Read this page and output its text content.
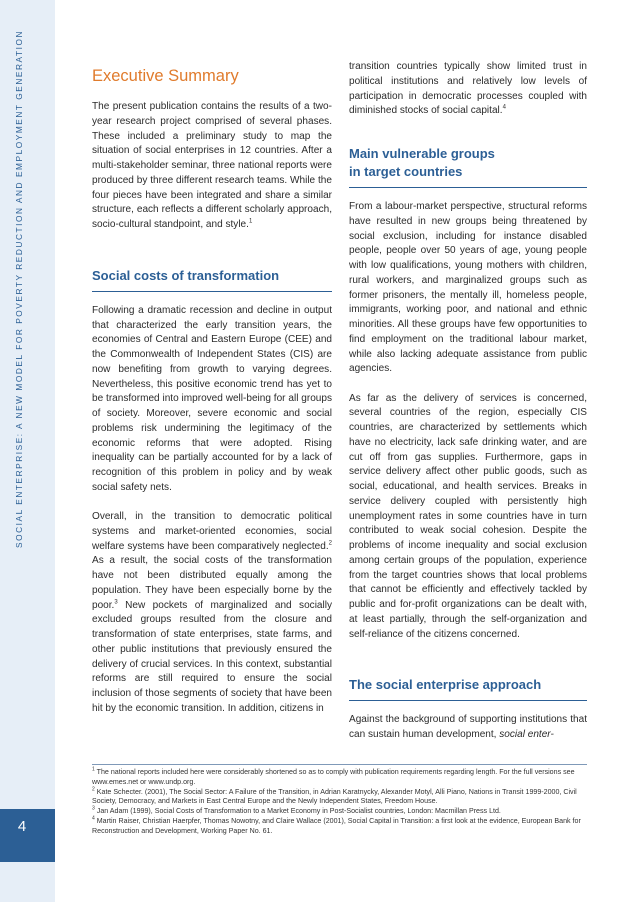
SOCIAL ENTERPRISE: A NEW MODEL FOR POVERTY REDUCTION AND EMPLOYMENT GENERATION
4
Executive Summary

The present publication contains the results of a two-year research project comprised of several phases. These included a preliminary study to map the situation of social enterprises in 12 countries. After a multi-stakeholder seminar, three national reports were produced by three different research teams. While the four pieces have been integrated and share a similar structure, each reflects a different scholarly approach, socio-cultural standpoint, and style.$^1$

Social costs of transformation

Following a dramatic recession and decline in output that characterized the early transition years, the economies of Central and Eastern Europe (CEE) and the Commonwealth of Independent States (CIS) are now benefiting from growth to varying degrees. Nevertheless, this positive economic trend has yet to be transformed into improved well-being for all groups of society. Moreover, severe economic and social problems risk undermining the legitimacy of the economic reforms that were adopted. Rising inequality can be partially accounted for by a lack of recognition of this problem in policy and by weak social safety nets.

Overall, in the transition to democratic political systems and market-oriented economies, social welfare systems have been comparatively neglected.$^2$ As a result, the social costs of the transformation have not been distributed equally among the population. They have been especially borne by the poor.$^3$ New pockets of marginalized and socially excluded groups resulted from the closure and transformation of state enterprises, state farms, and other public institutions that previously ensured the delivery of crucial services. In this context, substantial reforms are still required to ensure the social inclusion of those segments of society that have been hit by the economic transition. In addition, citizens in

transition countries typically show limited trust in political institutions and relatively low levels of participation in democratic processes coupled with diminished stocks of social capital.$^4$

Main vulnerable groups
in target countries

From a labour-market perspective, structural reforms have resulted in new groups being threatened by social exclusion, including for instance disabled people, people over 50 years of age, young people with low qualifications, young mothers with children, rural workers, and marginalized groups such as former prisoners, the mentally ill, homeless people, immigrants, working poor, and national and ethnic minorities. All these groups have few opportunities to find employment on the traditional labour market, while also lacking adequate assistance from public agencies.

As far as the delivery of services is concerned, several countries of the region, especially CIS countries, are characterized by settlements which have no electricity, lack safe drinking water, and are cut off from gas supplies. Furthermore, gaps in service delivery affect other public goods, such as social, educational, and health services. Breaks in service delivery coupled with persistently high unemployment rates in some countries have in turn contributed to weak social cohesion. Despite the problems of income inequality and social exclusion among certain groups of the population, experience from the target countries shows that local problems that cannot be efficiently and effectively tackled by public and for-profit organizations can be dealt with, at least partially, through the self-organization and self-reliance of the citizens concerned.

The social enterprise approach

Against the background of supporting institutions that can sustain human development, social enter-

$^1$ The national reports included here were considerably shortened so as to comply with publication requirements regarding length. For the full versions see www.emes.net or www.undp.org.

$^2$ Kate Schecter. (2001), The Social Sector: A Failure of the Transition, in Adrian Karatnycky, Alexander Motyl, Alli Piano, Nations in Transit 1999-2000, Civil Society, Democracy, and Markets in East Central Europe and the Newly Independent States, Freedom House.

$^3$ Jan Adam (1999), Social Costs of Transformation to a Market Economy in Post-Socialist countries, London: Macmillan Press Ltd.

$^4$ Martin Raiser, Christian Haerpfer, Thomas Nowotny, and Claire Wallace (2001), Social Capital in Transition: a first look at the evidence, European Bank for Reconstruction and Development, Working Paper No. 61.
